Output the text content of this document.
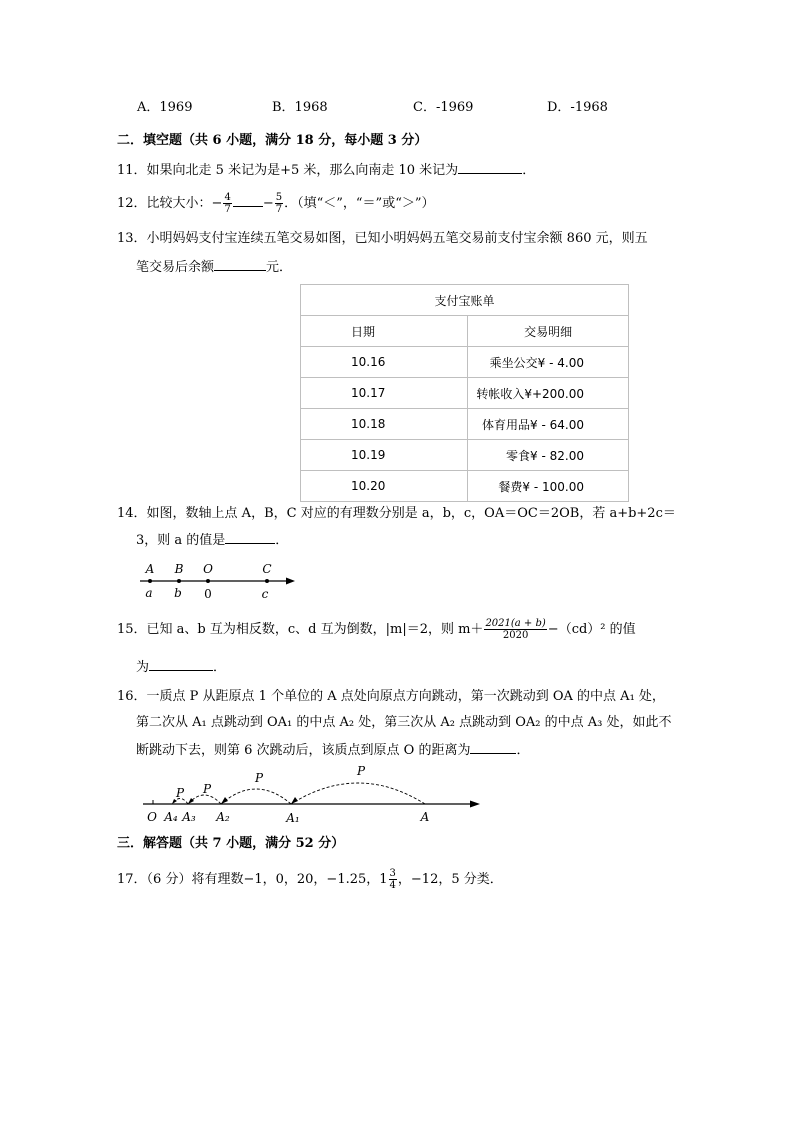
A．1969	B．1968	C．-1969	D．-1968
二．填空题（共 6 小题，满分 18 分，每小题 3 分）
11．如果向北走 5 米记为是+5 米，那么向南走 10 米记为	．
12．比较大小：− $\frac{4}{7} - \frac{5}{7}$ ．（填“＜”，“＝”或“＞”）
13．小明妈妈支付宝连续五笔交易如图，已知小明妈妈五笔交易前支付宝余额 860 元，则五
笔交易后余额	元．
支付宝账单	
日期	交易明细
10.16	乘坐公交¥ - 4.00
10.17	转帐收入¥+200.00
10.18	体育用品¥ - 64.00
10.19	零食¥ - 82.00
10.20	餐费¥ - 100.00
14．如图，数轴上点 A，B，C 对应的有理数分别是 a，b，c，OA＝OC＝2OB，若 a+b+2c＝
3，则 a 的值是	．
A B O	C
a b 0	c
15．已知 a、b 互为相反数，c、d 互为倒数，|m|＝2，则 $m+ \frac{2021(a + b)}{2020} -(cd)^2$ 的值
为	．
16．一质点 P 从距原点 1 个单位的 A 点处向原点方向跳动，第一次跳动到 OA 的中点 A₁ 处，
第二次从 A₁ 点跳动到 OA₁ 的中点 A₂ 处，第三次从 A₂ 点跳动到 OA₂ 的中点 A₃ 处，如此不
断跳动下去，则第 6 次跳动后，该质点到原点 O 的距离为	．
P
P
P
P
O A₄ A₃ A₂	A₁	A
三．解答题（共 7 小题，满分 52 分）
17．（6 分）将有理数−1，0，20，−1.25，$1 \frac{3}{4}$ ，−12，5 分类．
